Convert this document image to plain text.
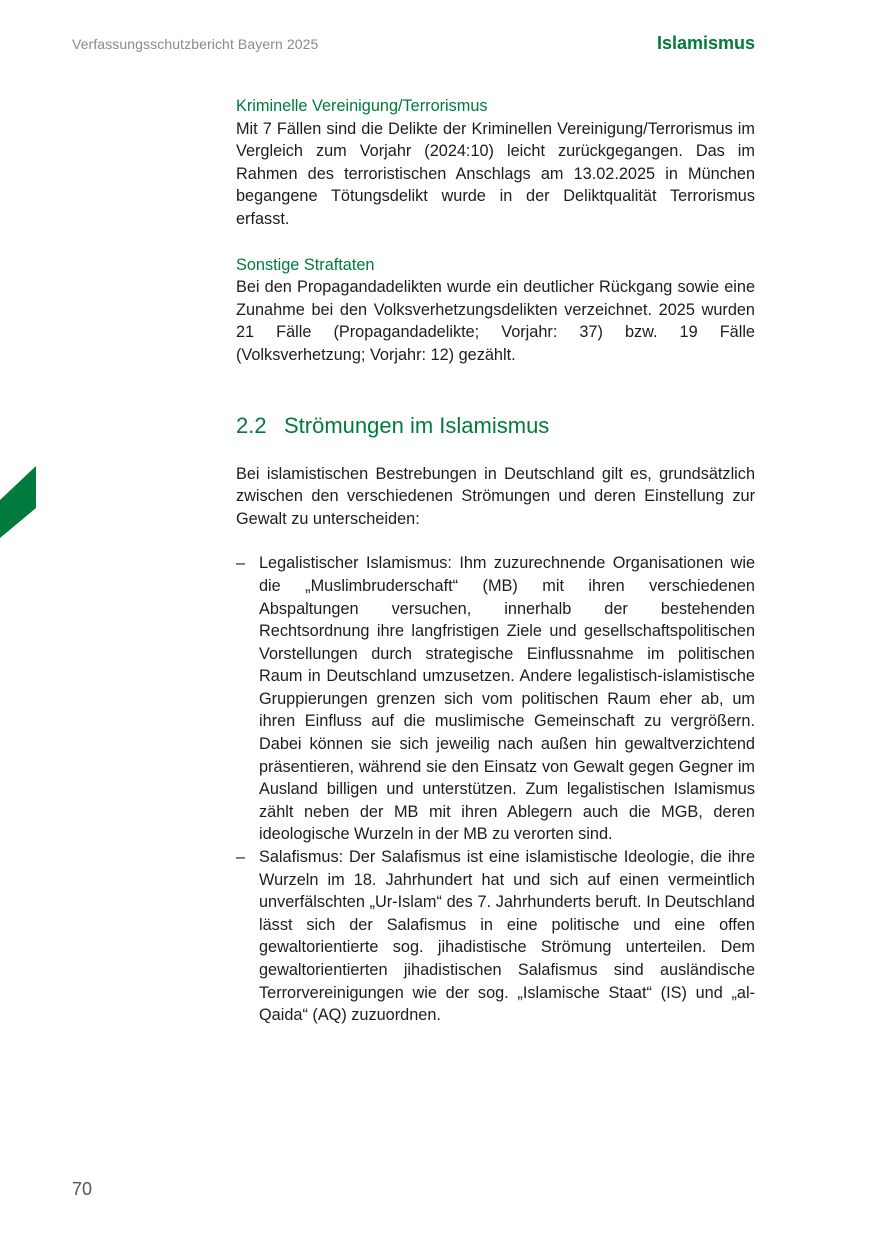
Verfassungsschutzbericht Bayern 2025	Islamismus

Kriminelle Vereinigung/Terrorismus

Mit 7 Fällen sind die Delikte der Kriminellen Vereinigung/Terrorismus im Vergleich zum Vorjahr (2024:10) leicht zurückgegangen. Das im Rahmen des terroristischen Anschlags am 13.02.2025 in München begangene Tötungsdelikt wurde in der Deliktqualität Terrorismus erfasst.

Sonstige Straftaten

Bei den Propagandadelikten wurde ein deutlicher Rückgang sowie eine Zunahme bei den Volksverhetzungsdelikten verzeichnet. 2025 wurden 21 Fälle (Propagandadelikte; Vorjahr: 37) bzw. 19 Fälle (Volksverhetzung; Vorjahr: 12) gezählt.

2.2 Strömungen im Islamismus

Bei islamistischen Bestrebungen in Deutschland gilt es, grundsätzlich zwischen den verschiedenen Strömungen und deren Einstellung zur Gewalt zu unterscheiden:

– Legalistischer Islamismus: Ihm zuzurechnende Organisationen wie die „Muslimbruderschaft“ (MB) mit ihren verschiedenen Abspaltungen versuchen, innerhalb der bestehenden Rechtsordnung ihre langfristigen Ziele und gesellschaftspolitischen Vorstellungen durch strategische Einflussnahme im politischen Raum in Deutschland umzusetzen. Andere legalistisch-islamistische Gruppierungen grenzen sich vom politischen Raum eher ab, um ihren Einfluss auf die muslimische Gemeinschaft zu vergrößern. Dabei können sie sich jeweilig nach außen hin gewaltverzichtend präsentieren, während sie den Einsatz von Gewalt gegen Gegner im Ausland billigen und unterstützen. Zum legalistischen Islamismus zählt neben der MB mit ihren Ablegern auch die MGB, deren ideologische Wurzeln in der MB zu verorten sind.
– Salafismus: Der Salafismus ist eine islamistische Ideologie, die ihre Wurzeln im 18. Jahrhundert hat und sich auf einen vermeintlich unverfälschten „Ur-Islam“ des 7. Jahrhunderts beruft. In Deutschland lässt sich der Salafismus in eine politische und eine offen gewaltorientierte sog. jihadistische Strömung unterteilen. Dem gewaltorientierten jihadistischen Salafismus sind ausländische Terrorvereinigungen wie der sog. „Islamische Staat“ (IS) und „al-Qaida“ (AQ) zuzuordnen.
70
